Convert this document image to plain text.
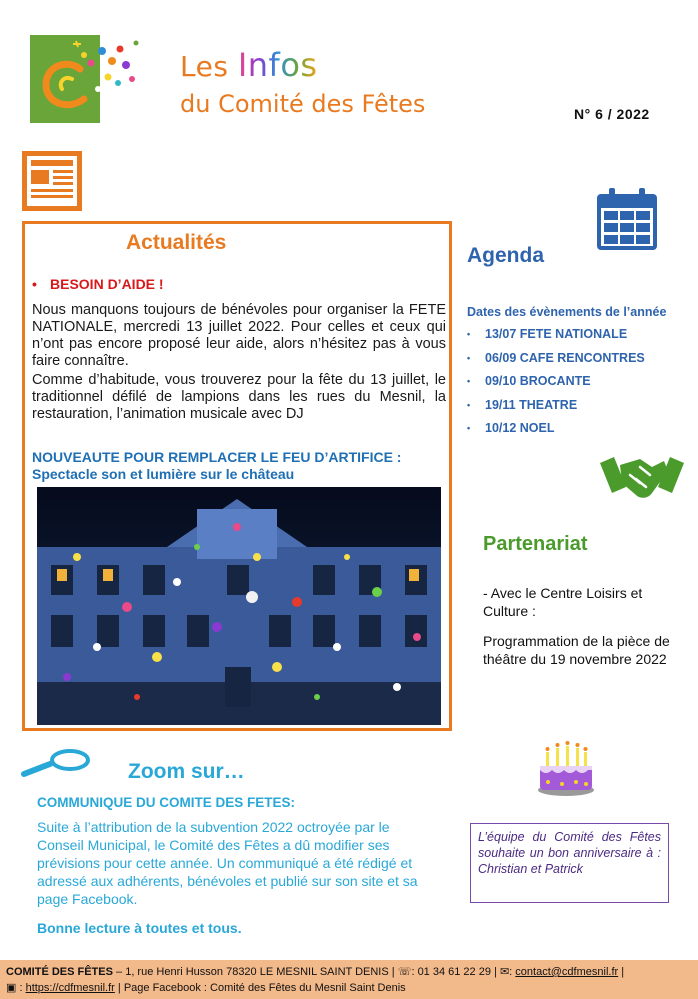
Les Infos
du Comité des Fêtes	N° 6 / 2022
Actualités
• BESOIN D’AIDE !
Nous manquons toujours de bénévoles pour organiser la FETE NATIONALE, mercredi 13 juillet 2022. Pour celles et ceux qui n’ont pas encore proposé leur aide, alors n’hésitez pas à vous faire connaître.
Comme d’habitude, vous trouverez pour la fête du 13 juillet, le traditionnel défilé de lampions dans les rues du Mesnil, la restauration, l’animation musicale avec DJ
NOUVEAUTE POUR REMPLACER LE FEU D’ARTIFICE :
Spectacle son et lumière sur le château
Agenda
Dates des évènements de l’année
• 13/07 FETE NATIONALE
• 06/09 CAFE RENCONTRES
• 09/10 BROCANTE
• 19/11 THEATRE
• 10/12 NOEL
Partenariat
- Avec le Centre Loisirs et Culture :
Programmation de la pièce de théâtre du 19 novembre 2022
L’équipe du Comité des Fêtes souhaite un bon anniversaire à : Christian et Patrick
Zoom sur…
COMMUNIQUE DU COMITE DES FETES:
Suite à l’attribution de la subvention 2022 octroyée par le Conseil Municipal, le Comité des Fêtes a dû modifier ses prévisions pour cette année. Un communiqué a été rédigé et adressé aux adhérents, bénévoles et publié sur son site et sa page Facebook.
Bonne lecture à toutes et tous.
COMITÉ DES FÊTES – 1, rue Henri Husson 78320 LE MESNIL SAINT DENIS | ☏: 01 34 61 22 29 | ✉: contact@cdfmesnil.fr |
▣ : https://cdfmesnil.fr | Page Facebook : Comité des Fêtes du Mesnil Saint Denis
